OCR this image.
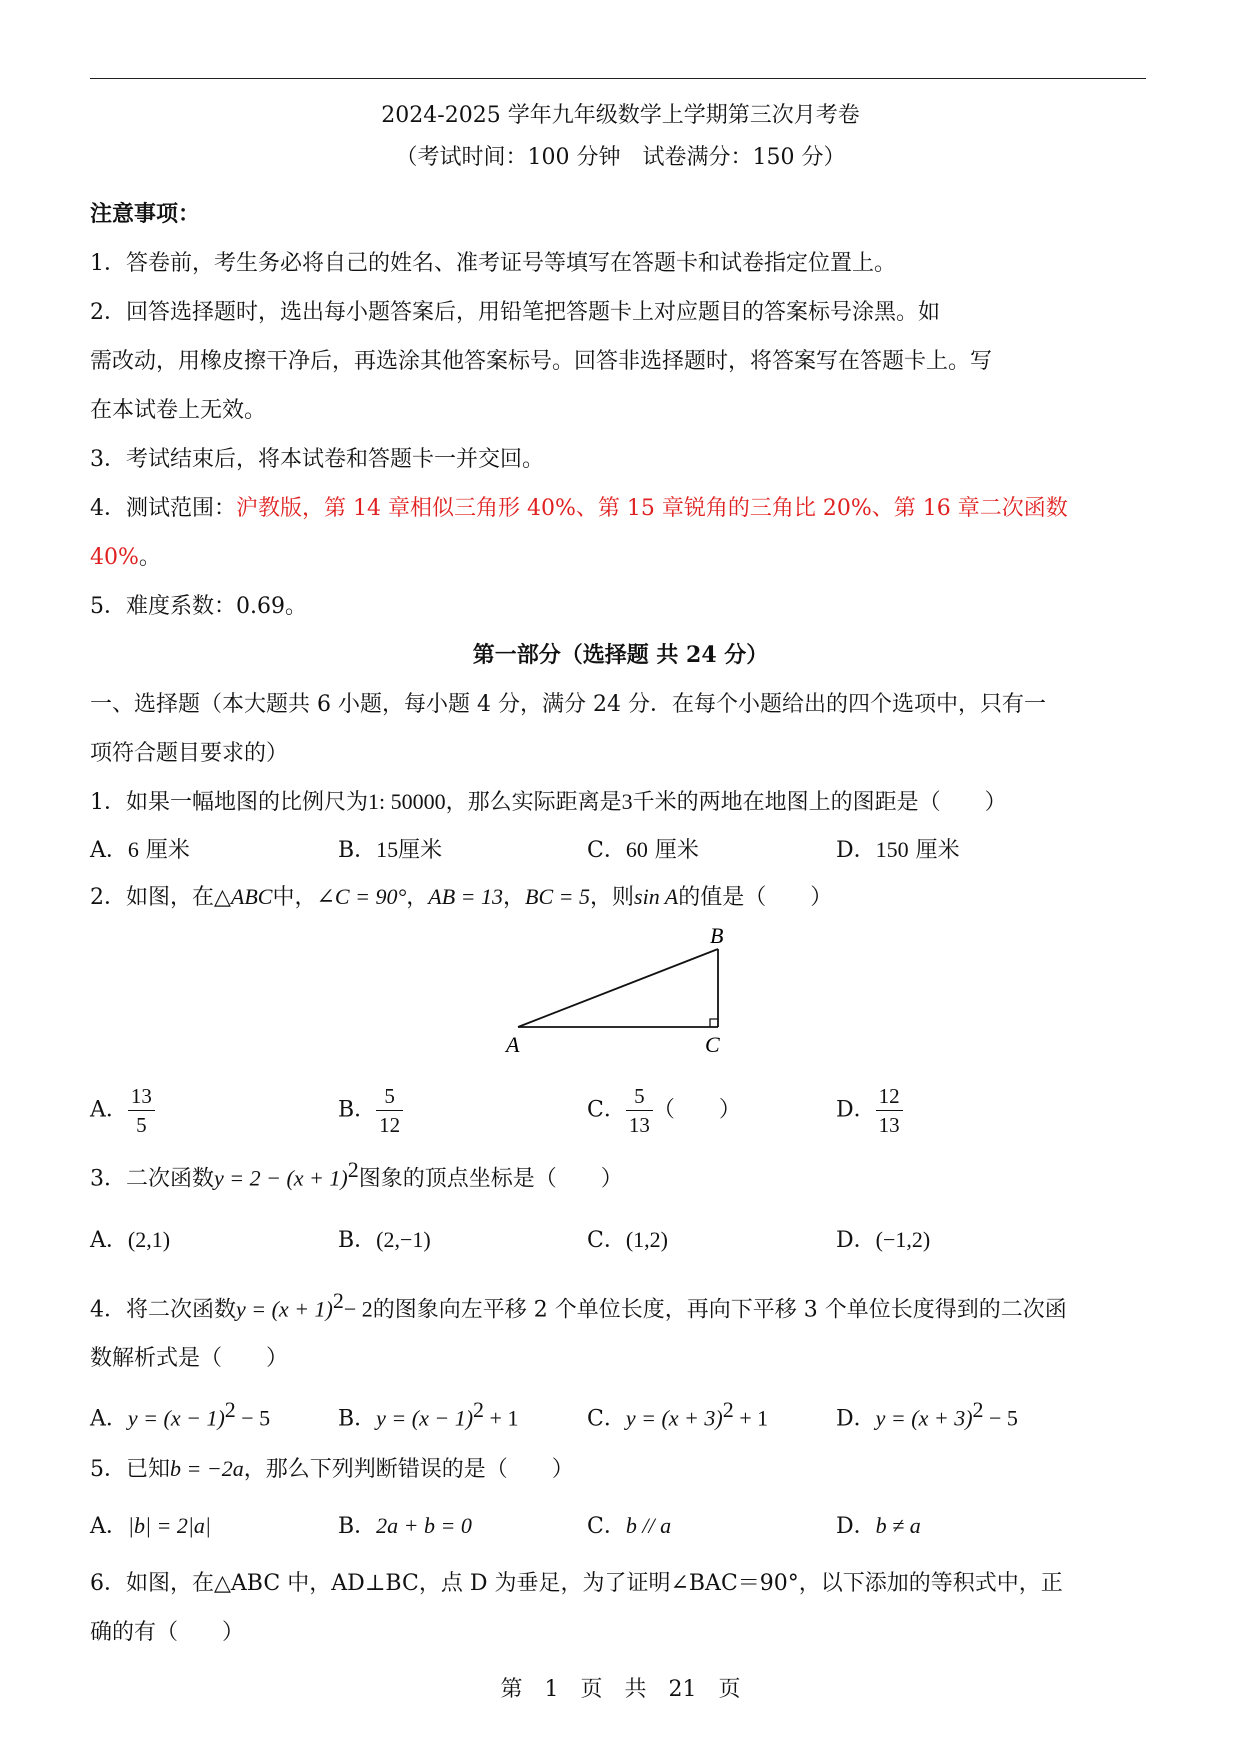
2024-2025 学年九年级数学上学期第三次月考卷
（考试时间：100 分钟　试卷满分：150 分）
注意事项：
1．答卷前，考生务必将自己的姓名、准考证号等填写在答题卡和试卷指定位置上。
2．回答选择题时，选出每小题答案后，用铅笔把答题卡上对应题目的答案标号涂黑。如
需改动，用橡皮擦干净后，再选涂其他答案标号。回答非选择题时，将答案写在答题卡上。写
在本试卷上无效。
3．考试结束后，将本试卷和答题卡一并交回。
4．测试范围：沪教版，第 14 章相似三角形 40%、第 15 章锐角的三角比 20%、第 16 章二次函数
40%。
5．难度系数：0.69。
第一部分（选择题 共 24 分）
一、选择题（本大题共 6 小题，每小题 4 分，满分 24 分．在每个小题给出的四个选项中，只有一
项符合题目要求的）
1．如果一幅地图的比例尺为1: 50000，那么实际距离是3千米的两地在地图上的图距是（　　）
A．6 厘米	B．15厘米	C．60 厘米	D．150 厘米
2．如图，在△ABC中，∠C = 90°，AB = 13，BC = 5，则sin A的值是（　　）
A	C
B
A． $\frac{13}{5}$	B． $\frac{5}{12}$	C． $\frac{5}{13}$ （　　）	D． $\frac{12}{13}$
3．二次函数$y = 2 - (x + 1)^2$图象的顶点坐标是（　　）
A．(2,1)	B．(2,−1)	C．(1,2)	D．(−1,2)
4．将二次函数$y = (x + 1)^2- 2$的图象向左平移 2 个单位长度，再向下平移 3 个单位长度得到的二次函
数解析式是（　　）
A．$y = (x - 1)^2 - 5$	B．$y = (x - 1)^2 + 1$	C．$y = (x + 3)^2 + 1$	D．$y = (x + 3)^2 - 5$
5．已知b = −2a，那么下列判断错误的是（　　）
A．|b| = 2|a|	B．2a + b = 0	C．b // a	D．b ≠ a
6．如图，在△ABC 中，AD⊥BC，点 D 为垂足，为了证明∠BAC＝90°，以下添加的等积式中，正
确的有（　　）
第　1　页　共　21　页
